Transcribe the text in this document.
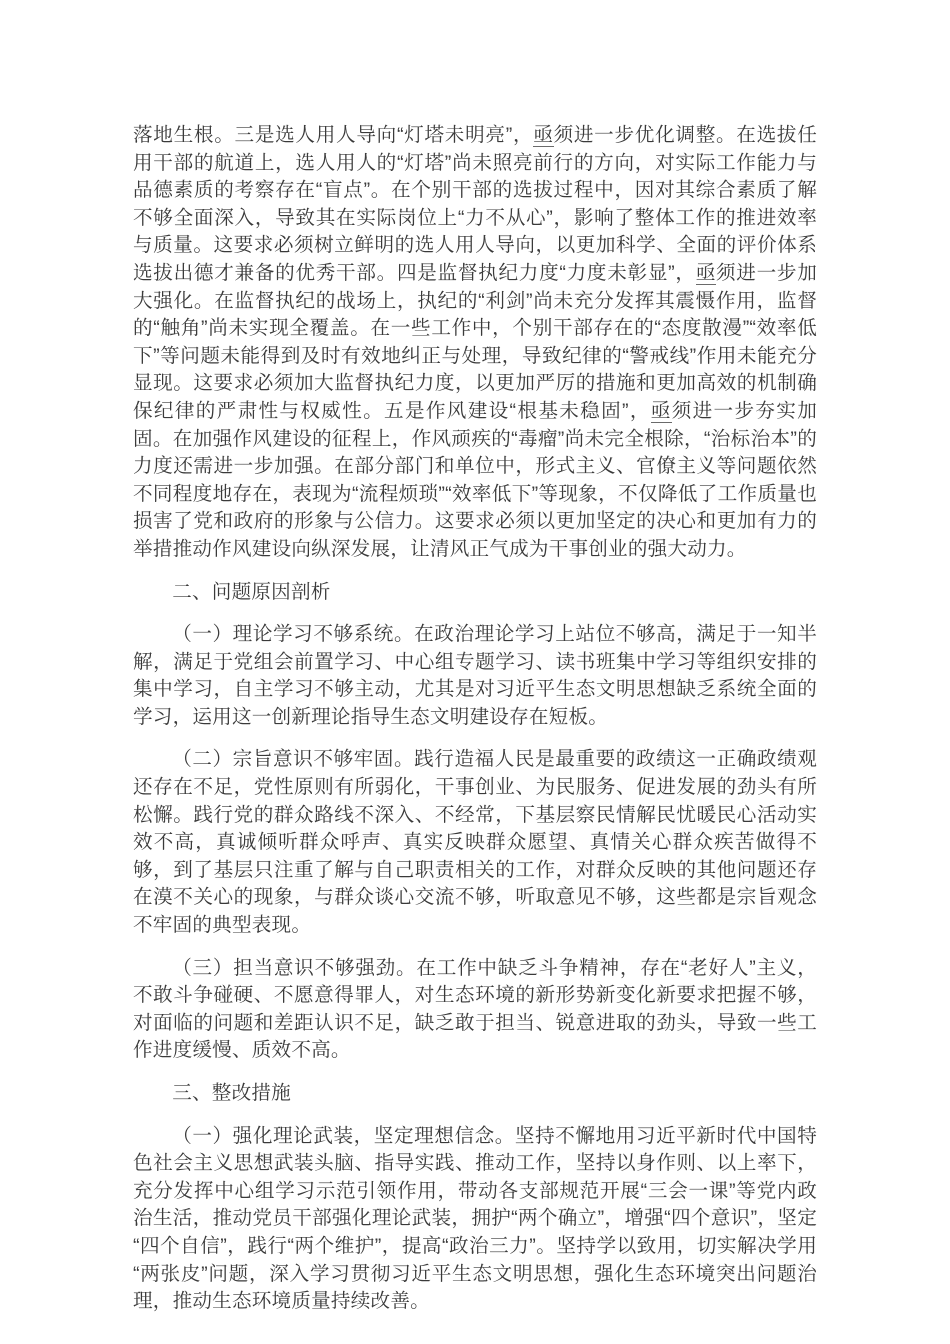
落地生根。三是选人用人导向“灯塔未明亮”，亟须进一步优化调整。在选拔任用干部的航道上，选人用人的“灯塔”尚未照亮前行的方向，对实际工作能力与品德素质的考察存在“盲点”。在个别干部的选拔过程中，因对其综合素质了解不够全面深入，导致其在实际岗位上“力不从心”，影响了整体工作的推进效率与质量。这要求必须树立鲜明的选人用人导向，以更加科学、全面的评价体系选拔出德才兼备的优秀干部。四是监督执纪力度“力度未彰显”，亟须进一步加大强化。在监督执纪的战场上，执纪的“利剑”尚未充分发挥其震慑作用，监督的“触角”尚未实现全覆盖。在一些工作中，个别干部存在的“态度散漫”“效率低下”等问题未能得到及时有效地纠正与处理，导致纪律的“警戒线”作用未能充分显现。这要求必须加大监督执纪力度，以更加严厉的措施和更加高效的机制确保纪律的严肃性与权威性。五是作风建设“根基未稳固”，亟须进一步夯实加固。在加强作风建设的征程上，作风顽疾的“毒瘤”尚未完全根除，“治标治本”的力度还需进一步加强。在部分部门和单位中，形式主义、官僚主义等问题依然不同程度地存在，表现为“流程烦琐”“效率低下”等现象，不仅降低了工作质量也损害了党和政府的形象与公信力。这要求必须以更加坚定的决心和更加有力的举措推动作风建设向纵深发展，让清风正气成为干事创业的强大动力。

二、问题原因剖析

（一）理论学习不够系统。在政治理论学习上站位不够高，满足于一知半解，满足于党组会前置学习、中心组专题学习、读书班集中学习等组织安排的集中学习，自主学习不够主动，尤其是对习近平生态文明思想缺乏系统全面的学习，运用这一创新理论指导生态文明建设存在短板。

（二）宗旨意识不够牢固。践行造福人民是最重要的政绩这一正确政绩观还存在不足，党性原则有所弱化，干事创业、为民服务、促进发展的劲头有所松懈。践行党的群众路线不深入、不经常，下基层察民情解民忧暖民心活动实效不高，真诚倾听群众呼声、真实反映群众愿望、真情关心群众疾苦做得不够，到了基层只注重了解与自己职责相关的工作，对群众反映的其他问题还存在漠不关心的现象，与群众谈心交流不够，听取意见不够，这些都是宗旨观念不牢固的典型表现。

（三）担当意识不够强劲。在工作中缺乏斗争精神，存在“老好人”主义，不敢斗争碰硬、不愿意得罪人，对生态环境的新形势新变化新要求把握不够，对面临的问题和差距认识不足，缺乏敢于担当、锐意进取的劲头，导致一些工作进度缓慢、质效不高。

三、整改措施

（一）强化理论武装，坚定理想信念。坚持不懈地用习近平新时代中国特色社会主义思想武装头脑、指导实践、推动工作，坚持以身作则、以上率下，充分发挥中心组学习示范引领作用，带动各支部规范开展“三会一课”等党内政治生活，推动党员干部强化理论武装，拥护“两个确立”，增强“四个意识”，坚定“四个自信”，践行“两个维护”，提高“政治三力”。坚持学以致用，切实解决学用“两张皮”问题，深入学习贯彻习近平生态文明思想，强化生态环境突出问题治理，推动生态环境质量持续改善。
